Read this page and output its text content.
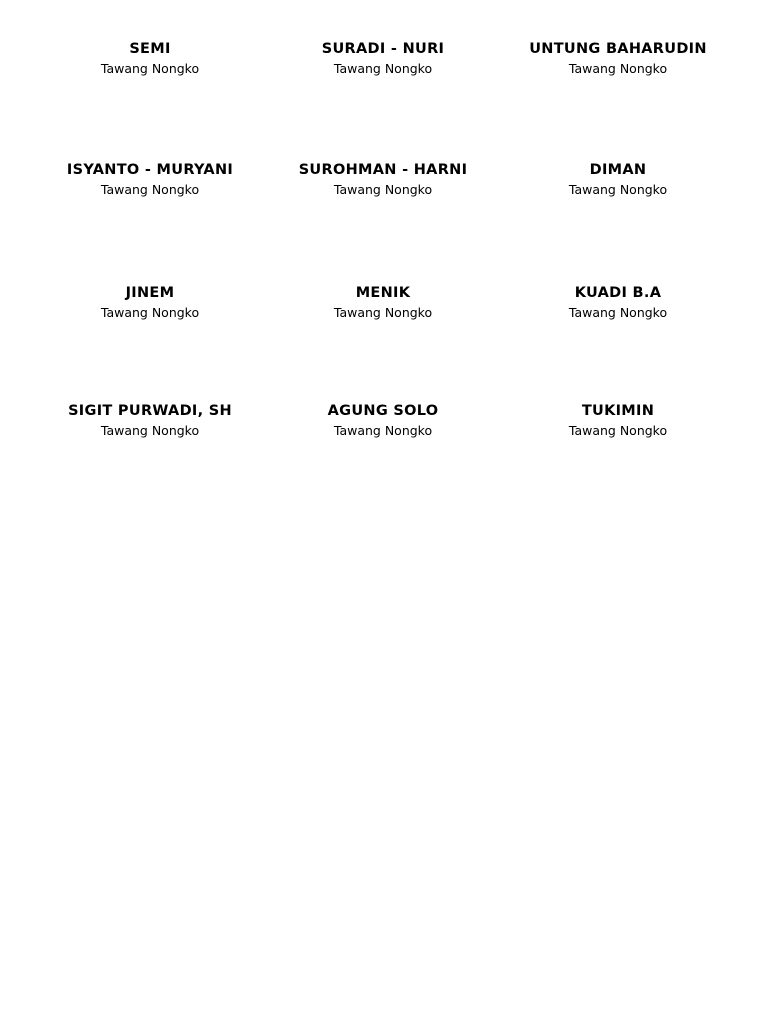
SEMI
Tawang Nongko
SURADI - NURI
Tawang Nongko
UNTUNG BAHARUDIN
Tawang Nongko
ISYANTO - MURYANI
Tawang Nongko
SUROHMAN - HARNI
Tawang Nongko
DIMAN
Tawang Nongko
JINEM
Tawang Nongko
MENIK
Tawang Nongko
KUADI B.A
Tawang Nongko
SIGIT PURWADI, SH
Tawang Nongko
AGUNG SOLO
Tawang Nongko
TUKIMIN
Tawang Nongko
